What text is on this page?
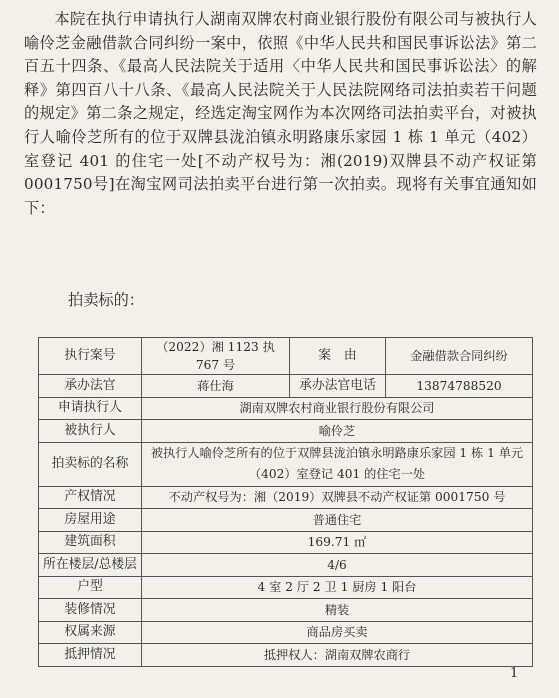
本院在执行申请执行人湖南双牌农村商业银行股份有限公司与被执行人喻伶芝金融借款合同纠纷一案中，依照《中华人民共和国民事诉讼法》第二百五十四条、《最高人民法院关于适用〈中华人民共和国民事诉讼法〉的解释》第四百八十八条、《最高人民法院关于人民法院网络司法拍卖若干问题的规定》第二条之规定，经选定淘宝网作为本次网络司法拍卖平台，对被执行人喻伶芝所有的位于双牌县泷泊镇永明路康乐家园 1 栋 1 单元（402）室登记 401 的住宅一处[不动产权号为：湘(2019)双牌县不动产权证第 0001750号]在淘宝网司法拍卖平台进行第一次拍卖。现将有关事宜通知如下：
拍卖标的：
执行案号	（2022）湘 1123 执 767 号	案　由	金融借款合同纠纷
承办法官	蒋仕海	承办法官电话	13874788520
申请执行人	湖南双牌农村商业银行股份有限公司		
被执行人	喻伶芝		
拍卖标的名称	被执行人喻伶芝所有的位于双牌县泷泊镇永明路康乐家园 1 栋 1 单元（402）室登记 401 的住宅一处		
产权情况	不动产权号为：湘（2019）双牌县不动产权证第 0001750 号		
房屋用途	普通住宅		
建筑面积	169.71 ㎡		
所在楼层/总楼层	4/6		
户型	4 室 2 厅 2 卫 1 厨房 1 阳台		
装修情况	精装		
权属来源	商品房买卖		
抵押情况	抵押权人：湖南双牌农商行		
1
